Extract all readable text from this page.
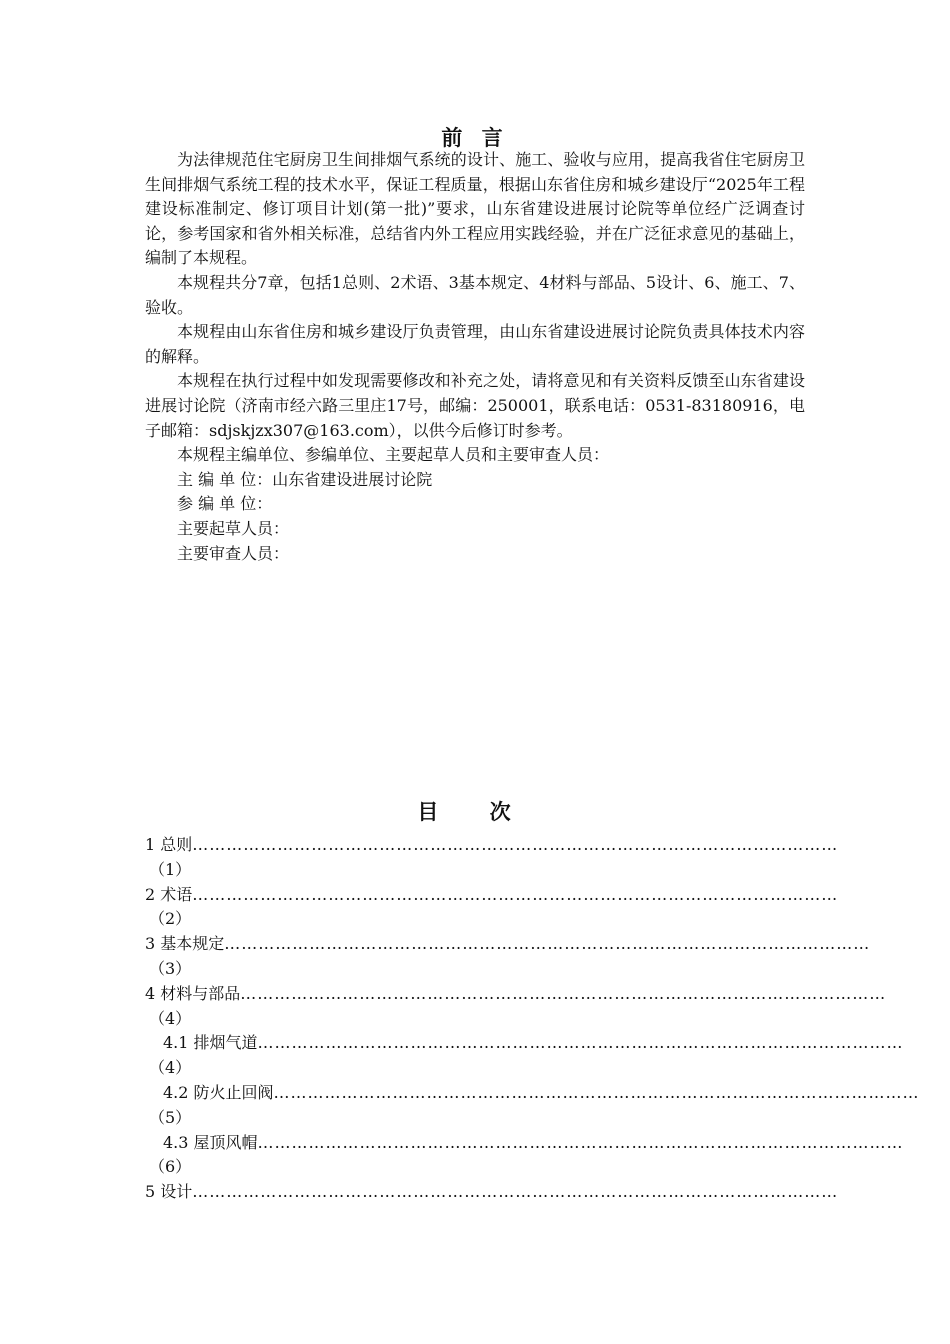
前 言

为法律规范住宅厨房卫生间排烟气系统的设计、施工、验收与应用，提高我省住宅厨房卫生间排烟气系统工程的技术水平，保证工程质量，根据山东省住房和城乡建设厅“2025年工程建设标准制定、修订项目计划(第一批)”要求，山东省建设进展讨论院等单位经广泛调查讨论，参考国家和省外相关标准，总结省内外工程应用实践经验，并在广泛征求意见的基础上，编制了本规程。

本规程共分7章，包括1总则、2术语、3基本规定、4材料与部品、5设计、6、施工、7、验收。

本规程由山东省住房和城乡建设厅负责管理，由山东省建设进展讨论院负责具体技术内容的解释。

本规程在执行过程中如发现需要修改和补充之处，请将意见和有关资料反馈至山东省建设进展讨论院（济南市经六路三里庄17号，邮编：250001，联系电话：0531-83180916，电子邮箱：sdjskjzx307@163.com），以供今后修订时参考。

本规程主编单位、参编单位、主要起草人员和主要审查人员：

主 编 单 位：山东省建设进展讨论院

参 编 单 位：

主要起草人员：

主要审查人员：

目 次
1 总则 ……………………………………………………………………………………………………
（1）
2 术语 ……………………………………………………………………………………………………
（2）
3 基本规定 ……………………………………………………………………………………………………
（3）
4 材料与部品 ……………………………………………………………………………………………………
（4）
4.1 排烟气道 ……………………………………………………………………………………………………
（4）
4.2 防火止回阀 ……………………………………………………………………………………………………
（5）
4.3 屋顶风帽 ……………………………………………………………………………………………………
（6）
5 设计 ……………………………………………………………………………………………………
